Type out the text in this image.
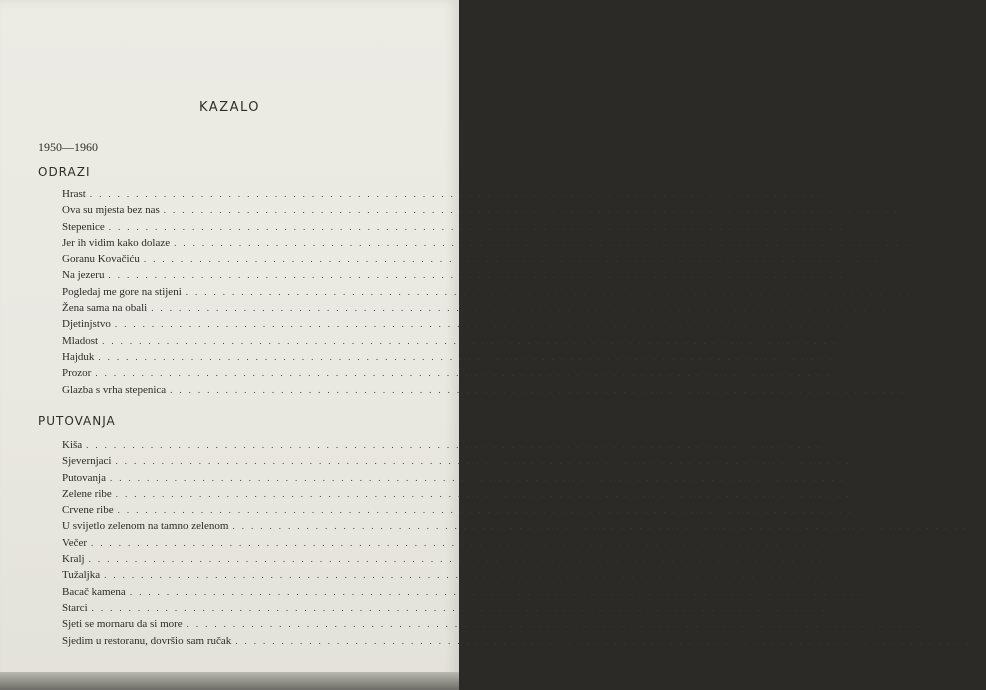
KAZALO
1950—1960
ODRAZI
Hrast ................................................................................ 9
Ova su mjesta bez nas ................................................................................ 10
Stepenice ................................................................................ 11
Jer ih vidim kako dolaze ................................................................................ 12
Goranu Kovačiću ................................................................................ 13
Na jezeru ................................................................................ 14
Pogledaj me gore na stijeni ................................................................................ 15
Žena sama na obali ................................................................................ 16
Djetinjstvo ................................................................................ 17
Mladost ................................................................................ 18
Hajduk ................................................................................ 19
Prozor ................................................................................ 20
Glazba s vrha stepenica ................................................................................ 21
PUTOVANJA
Kiša ................................................................................ 25
Sjevernjaci ................................................................................ 27
Putovanja ................................................................................ 31
Zelene ribe ................................................................................ 33
Crvene ribe ................................................................................ 34
U svijetlo zelenom na tamno zelenom ................................................................................ 35
Večer ................................................................................ 36
Kralj ................................................................................ 38
Tužaljka ................................................................................ 39
Bacač kamena ................................................................................ 40
Starci ................................................................................ 43
Sjeti se mornaru da si more ................................................................................ 45
Sjedim u restoranu, dovršio sam ručak ................................................................................ 46
